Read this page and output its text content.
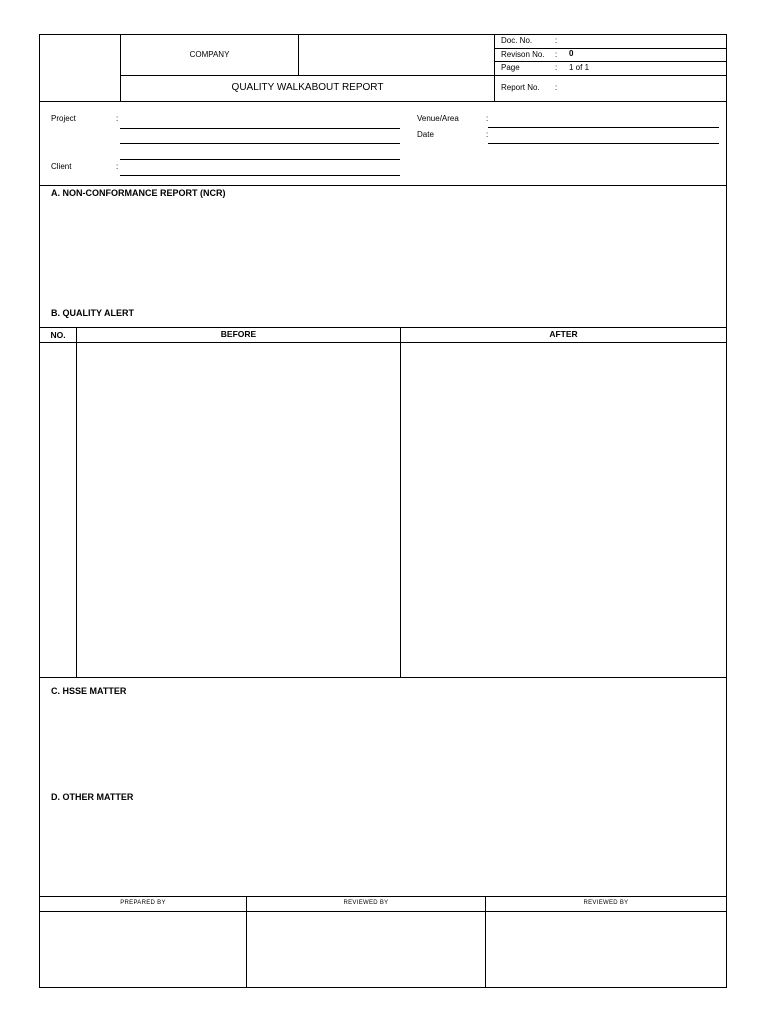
COMPANY
QUALITY WALKABOUT REPORT
Doc. No.	:
Revison No. : 0
Page	: 1 of 1
Report No. :
Project	:
Client	:
Venue/Area	:
Date	:
A. NON-CONFORMANCE REPORT (NCR)
B. QUALITY ALERT
NO.	BEFORE	AFTER
C. HSSE MATTER
D. OTHER MATTER
PREPARED BY	REVIEWED BY	REVIEWED BY
